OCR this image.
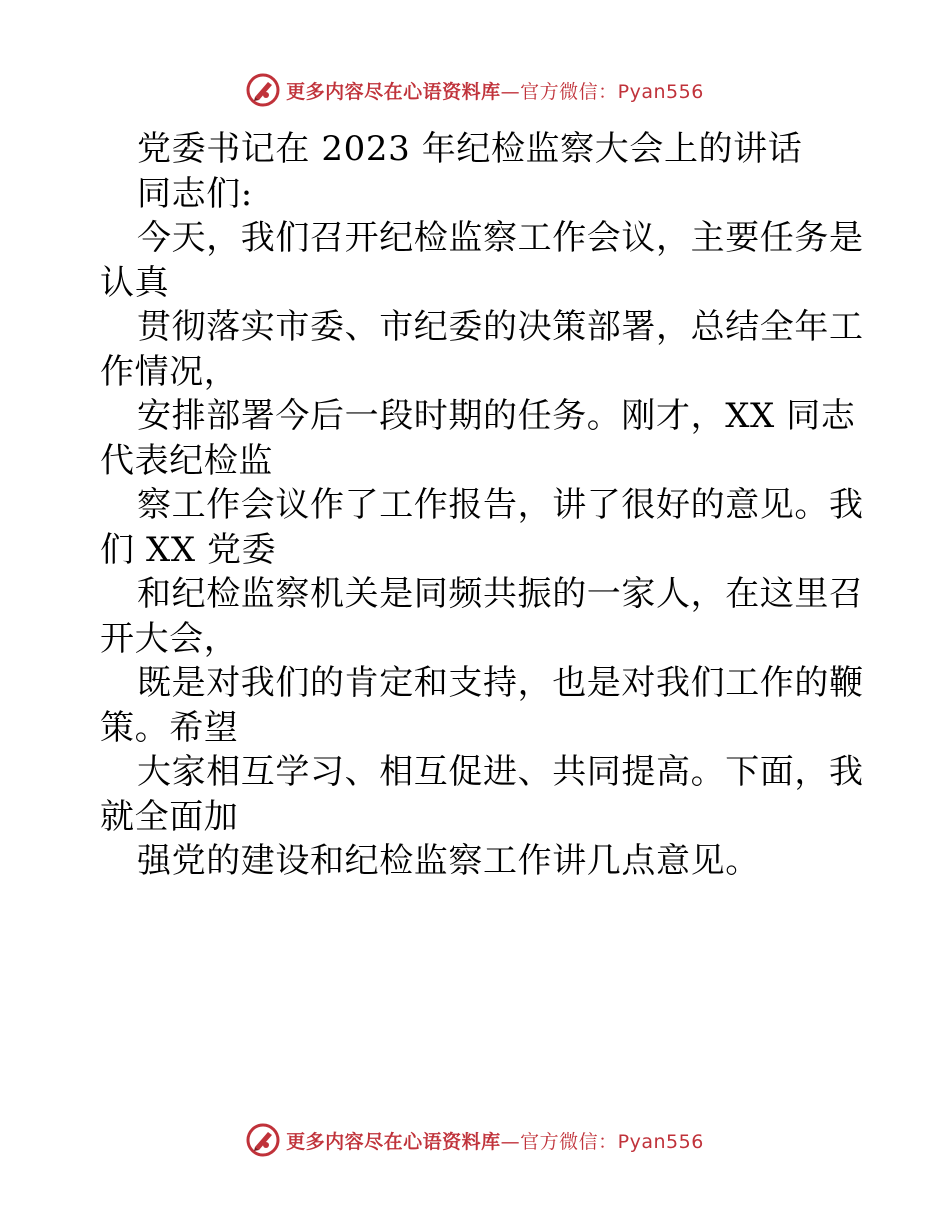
更多内容尽在心语资料库—官方微信：Pyan556
党委书记在 2023 年纪检监察大会上的讲话
同志们:
今天，我们召开纪检监察工作会议，主要任务是
认真
贯彻落实市委、市纪委的决策部署，总结全年工
作情况，
安排部署今后一段时期的任务。刚才，XX 同志
代表纪检监
察工作会议作了工作报告，讲了很好的意见。我
们 XX 党委
和纪检监察机关是同频共振的一家人，在这里召
开大会，
既是对我们的肯定和支持，也是对我们工作的鞭
策。希望
大家相互学习、相互促进、共同提高。下面，我
就全面加
强党的建设和纪检监察工作讲几点意见。
更多内容尽在心语资料库—官方微信：Pyan556
